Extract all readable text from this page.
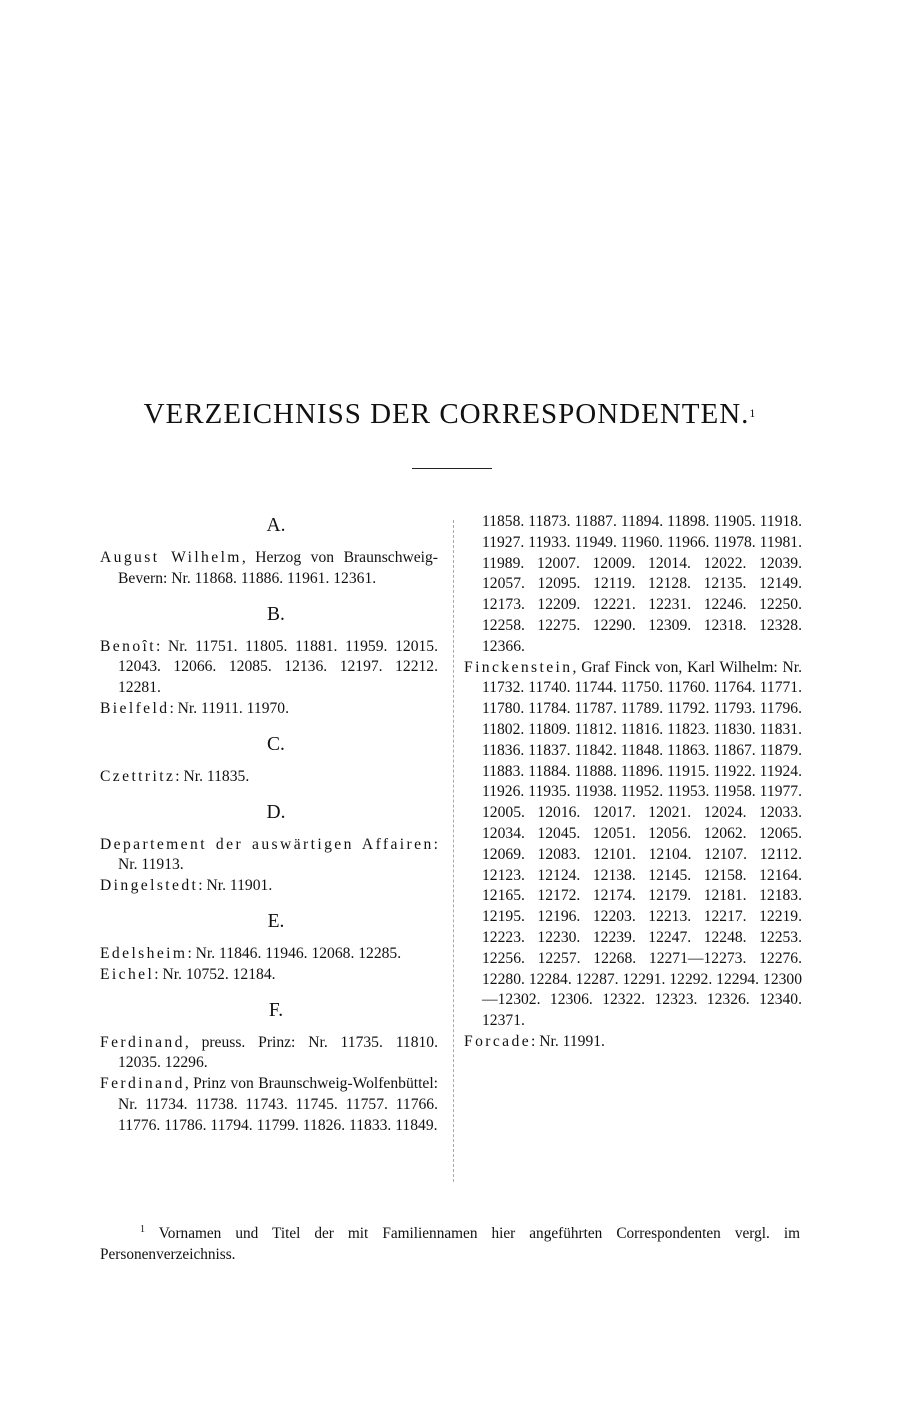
VERZEICHNISS DER CORRESPONDENTEN.$^1$
A.
August Wilhelm, Herzog von Braunschweig-Bevern: Nr. 11868. 11886. 11961. 12361.
B.
Benoît: Nr. 11751. 11805. 11881. 11959. 12015. 12043. 12066. 12085. 12136. 12197. 12212. 12281.
Bielfeld: Nr. 11911. 11970.
C.
Czettritz: Nr. 11835.
D.
Departement der auswärtigen Affairen: Nr. 11913.
Dingelstedt: Nr. 11901.
E.
Edelsheim: Nr. 11846. 11946. 12068. 12285.
Eichel: Nr. 10752. 12184.
F.
Ferdinand, preuss. Prinz: Nr. 11735. 11810. 12035. 12296.
Ferdinand, Prinz von Braunschweig-Wolfenbüttel: Nr. 11734. 11738. 11743. 11745. 11757. 11766. 11776. 11786. 11794. 11799. 11826. 11833. 11849.
11858. 11873. 11887. 11894. 11898. 11905. 11918. 11927. 11933. 11949. 11960. 11966. 11978. 11981. 11989. 12007. 12009. 12014. 12022. 12039. 12057. 12095. 12119. 12128. 12135. 12149. 12173. 12209. 12221. 12231. 12246. 12250. 12258. 12275. 12290. 12309. 12318. 12328. 12366.
Finckenstein, Graf Finck von, Karl Wilhelm: Nr. 11732. 11740. 11744. 11750. 11760. 11764. 11771. 11780. 11784. 11787. 11789. 11792. 11793. 11796. 11802. 11809. 11812. 11816. 11823. 11830. 11831. 11836. 11837. 11842. 11848. 11863. 11867. 11879. 11883. 11884. 11888. 11896. 11915. 11922. 11924. 11926. 11935. 11938. 11952. 11953. 11958. 11977. 12005. 12016. 12017. 12021. 12024. 12033. 12034. 12045. 12051. 12056. 12062. 12065. 12069. 12083. 12101. 12104. 12107. 12112. 12123. 12124. 12138. 12145. 12158. 12164. 12165. 12172. 12174. 12179. 12181. 12183. 12195. 12196. 12203. 12213. 12217. 12219. 12223. 12230. 12239. 12247. 12248. 12253. 12256. 12257. 12268. 12271—12273. 12276. 12280. 12284. 12287. 12291. 12292. 12294. 12300—12302. 12306. 12322. 12323. 12326. 12340. 12371.
Forcade: Nr. 11991.
$^1$ Vornamen und Titel der mit Familiennamen hier angeführten Correspondenten vergl. im Personenverzeichniss.
